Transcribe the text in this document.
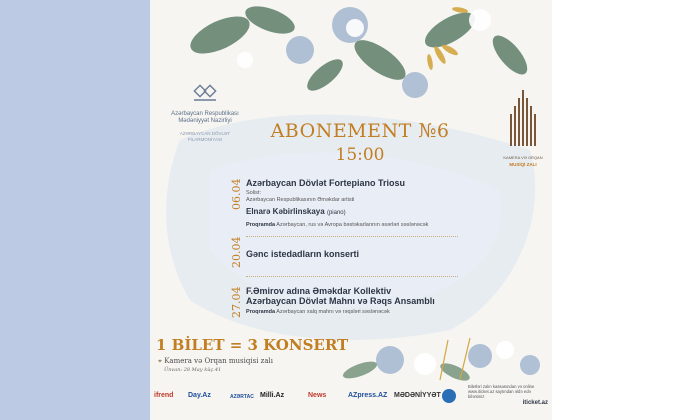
Azərbaycan Respublikası Mədəniyyət Nazirliyi
AZƏRBAYCAN DÖVLƏT FİLARMONİYASI
KAMERA VƏ ORQAN
MUSİQİ ZALI
ABONEMENT №6
15:00
06.04 Azərbaycan Dövlət Fortepiano Triosu
Solist:
Azərbaycan Respublikasının Əməkdar artisti
Elnarə Kəbirlinskaya (piano)
Proqramda Azərbaycan, rus və Avropa bəstəkarlarının əsərləri səslənəcək
20.04 Gənc istedadların konserti
27.04 F.Əmirov adına Əməkdar Kollektiv
Azərbaycan Dövlət Mahnı və Rəqs Ansamblı
Proqramda Azərbaycan xalq mahnı və rəqsləri səslənəcək
1 BİLET = 3 KONSERT
⌖ Kamera və Orqan musiqisi zalı
Ünvan: 28 May küç.41
ifrend Day.Az	AZƏRTAC Milli.Az	News	AZpress.AZ MƏDƏNİYYƏT
Biletləri zalın kassasından və online www.iticket.az saytından əldə edə bilərsiniz
iticket.az
